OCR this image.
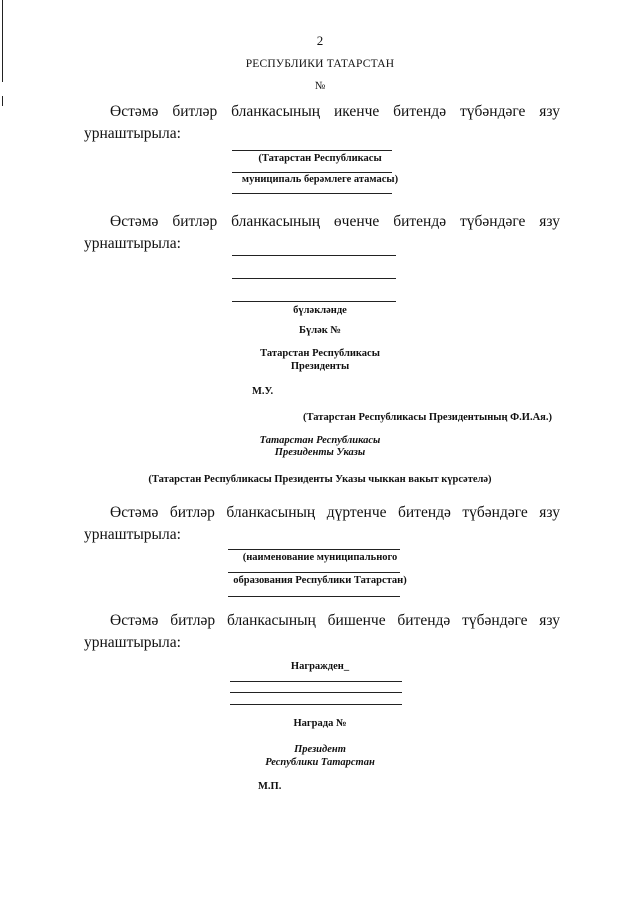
2
РЕСПУБЛИКИ ТАТАРСТАН
№
Өстәмә битләр бланкасының икенче битендә түбәндәге язу
урнаштырыла:
(Татарстан Республикасы
муниципаль берәмлеге атамасы)
Өстәмә битләр бланкасының өченче битендә түбәндәге язу
урнаштырыла:
бүләкләнде
Бүләк №
Татарстан Республикасы
Президенты
М.У.
(Татарстан Республикасы Президентының Ф.И.Ая.)
Татарстан Республикасы
Президенты Указы
(Татарстан Республикасы Президенты Указы чыккан вакыт күрсәтелә)
Өстәмә битләр бланкасының дүртенче битендә түбәндәге язу
урнаштырыла:
(наименование муниципального
образования Республики Татарстан)
Өстәмә битләр бланкасының бишенче битендә түбәндәге язу
урнаштырыла:
Награжден_
Награда №
Президент
Республики Татарстан
М.П.
